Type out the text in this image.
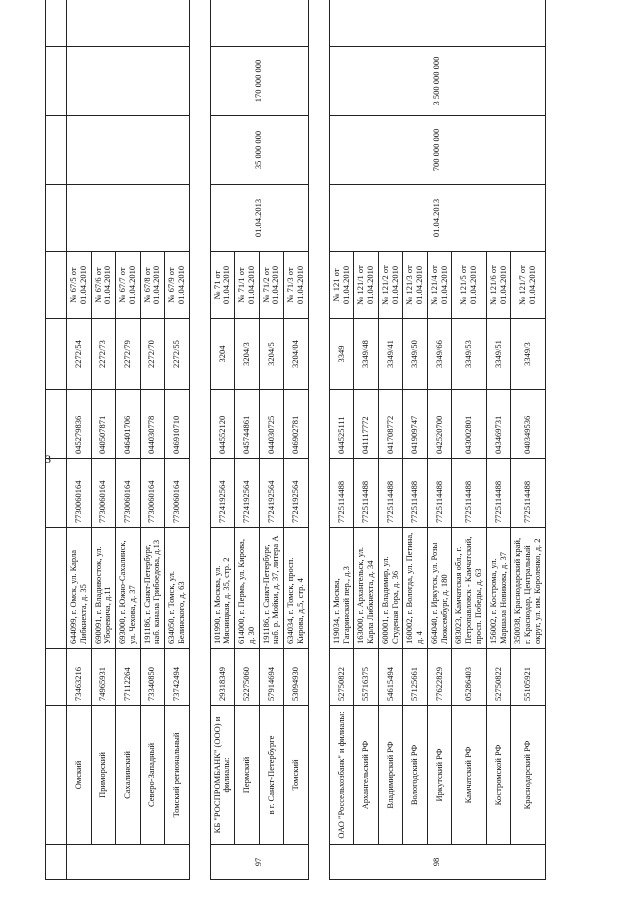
3

	Омский	73463216	644099, г. Омск, ул. Карла Либкнехта, д. 35	7730060164	045279836	2272/54	№ 67/5 от 01.04.2010				
	Приморский	74965931	690091, г. Владивосток, ул. Уборевича, д.11	7730060164	040507871	2272/73	№ 67/6 от 01.04.2010				
	Сахалинский	77112264	693000, г. Южно-Сахалинск, ул. Чехова, д. 37	7730060164	046401706	2272/79	№ 67/7 от 01.04.2010				
	Северо-Западный	73340850	191186, г. Санкт-Петербург, наб. канала Грибоедова, д.13	7730060164	044030778	2272/70	№ 67/8 от 01.04.2010				
	Томский региональный	73742494	634050, г. Томск, ул. Белинского, д. 63	7730060164	046910710	2272/55	№ 67/9 от 01.04.2010				
97	КБ "РОСПРОМБАНК" (ООО) и филиалы:	29318349	101990, г. Москва, ул. Мясницкая, д. 35, стр. 2	7724192564	044552120	3204	№ 71 от 01.04.2010	01.04.2013	35 000 000	170 000 000	
	Пермский	52275060	614000, г. Пермь, ул. Кирова, д. 30	7724192564	045744861	3204/3	№ 71/1 от 01.04.2010				
	в г. Санкт-Петербурге	57914694	191186, г. Санкт-Петербург, наб. р. Мойки, д. 37, литера А	7724192564	044030725	3204/5	№ 71/2 от 01.04.2010				
	Томский	53094930	634034, г. Томск, просп. Кирова, д.5, стр. 4	7724192564	046902781	3204/04	№ 71/3 от 01.04.2010				
98	ОАО "Россельхозбанк" и филиалы:	52750822	119034, г. Москва, Гагаринский пер., д.3	7725114488	044525111	3349	№ 121 от 01.04.2010	01.04.2013	700 000 000	3 500 000 000	
	Архангельский РФ	55716375	163000, г. Архангельск, ул. Карла Либкнехта, д. 34	7725114488	041117772	3349/48	№ 121/1 от 01.04.2010				
	Владимирский РФ	54615494	600001, г. Владимир, ул. Студеная Гора, д. 36	7725114488	041708772	3349/41	№ 121/2 от 01.04.2010				
	Вологодский РФ	57125661	160002, г. Вологда, ул. Петина, д. 4	7725114488	041909747	3349/50	№ 121/3 от 01.04.2010				
	Иркутский РФ	77622829	664040, г. Иркутск, ул. Розы Люксембург, д. 180	7725114488	042520700	3349/66	№ 121/4 от 01.04.2010				
	Камчатский РФ	05286403	683023, Камчатская обл., г. Петропавловск - Камчатский, просп. Победы, д. 63	7725114488	043002801	3349/53	№ 121/5 от 01.04.2010				
	Костромской РФ	52750822	156002, г. Кострома, ул. Маршала Новикова, д. 37	7725114488	043469731	3349/51	№ 121/6 от 01.04.2010				
	Краснодарский РФ	55105921	350038, Краснодарский край, г. Краснодар, Центральный округ, ул. им. Короленко, д. 2	7725114488	040349536	3349/3	№ 121/7 от 01.04.2010				
